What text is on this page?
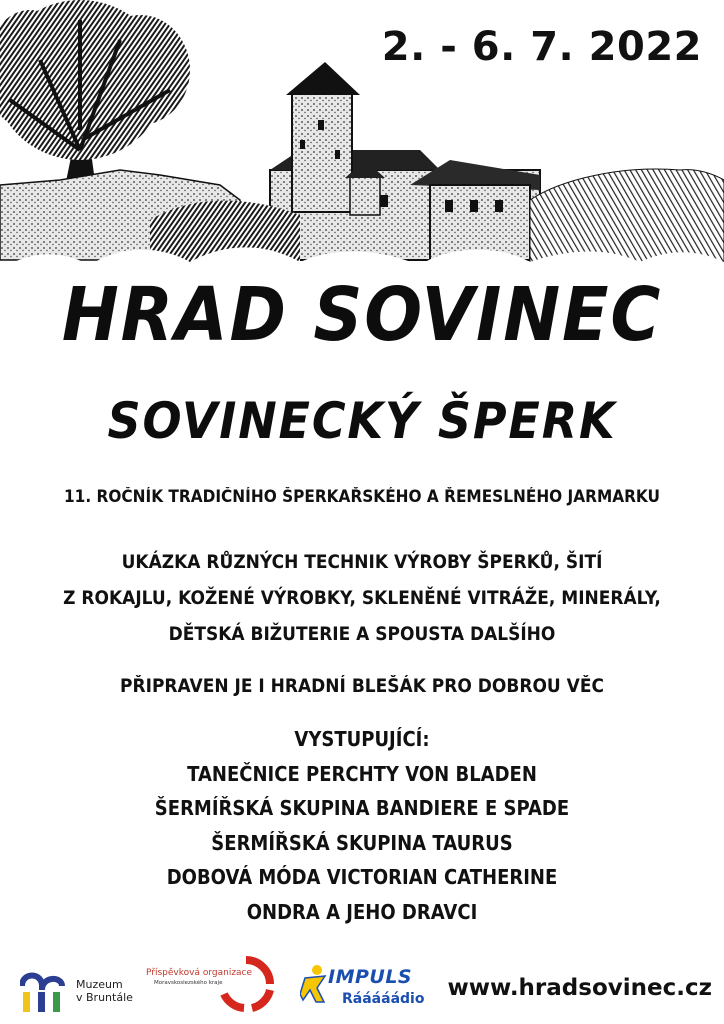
2. - 6. 7. 2022
HRAD SOVINEC
SOVINECKÝ ŠPERK
11. ROČNÍK TRADIČNÍHO ŠPERKAŘSKÉHO A ŘEMESLNÉHO JARMARKU
UKÁZKA RŮZNÝCH TECHNIK VÝROBY ŠPERKŮ, ŠITÍ
Z ROKAJLU, KOŽENÉ VÝROBKY, SKLENĚNÉ VITRÁŽE, MINERÁLY,
DĚTSKÁ BIŽUTERIE A SPOUSTA DALŠÍHO
PŘIPRAVEN JE I HRADNÍ BLEŠÁK PRO DOBROU VĚC
VYSTUPUJÍCÍ:
TANEČNICE PERCHTY VON BLADEN
ŠERMÍŘSKÁ SKUPINA BANDIERE E SPADE
ŠERMÍŘSKÁ SKUPINA TAURUS
DOBOVÁ MÓDA VICTORIAN CATHERINE
ONDRA A JEHO DRAVCI
Muzeum
v Bruntále
Příspěvková organizace
Moravskoslezského kraje	IMPULS
Rááááádio www.hradsovinec.cz
